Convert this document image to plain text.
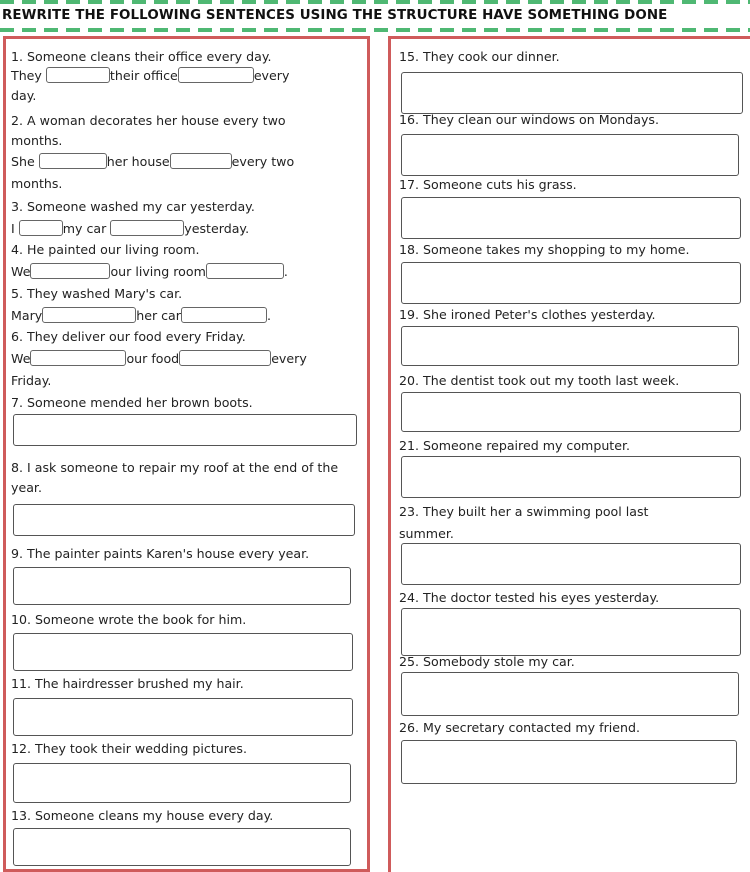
REWRITE THE FOLLOWING SENTENCES USING THE STRUCTURE HAVE SOMETHING DONE
1. Someone cleans their office every day.
They	their office	every
day.
2. A woman decorates her house every two
months.
She	her house	every two
months.
3. Someone washed my car yesterday.
I	my car	yesterday.
4. He painted our living room.
We	our living room	.
5. They washed Mary's car.
Mary	her car	.
6. They deliver our food every Friday.
We	our food	every
Friday.
7. Someone mended her brown boots.
8. I ask someone to repair my roof at the end of the year.
9. The painter paints Karen's house every year.
10. Someone wrote the book for him.
11. The hairdresser brushed my hair.
12. They took their wedding pictures.
13. Someone cleans my house every day.
15. They cook our dinner.
16. They clean our windows on Mondays.
17. Someone cuts his grass.
18. Someone takes my shopping to my home.
19. She ironed Peter's clothes yesterday.
20. The dentist took out my tooth last week.
21. Someone repaired my computer.
23. They built her a swimming pool last
summer.
24. The doctor tested his eyes yesterday.
25. Somebody stole my car.
26. My secretary contacted my friend.
